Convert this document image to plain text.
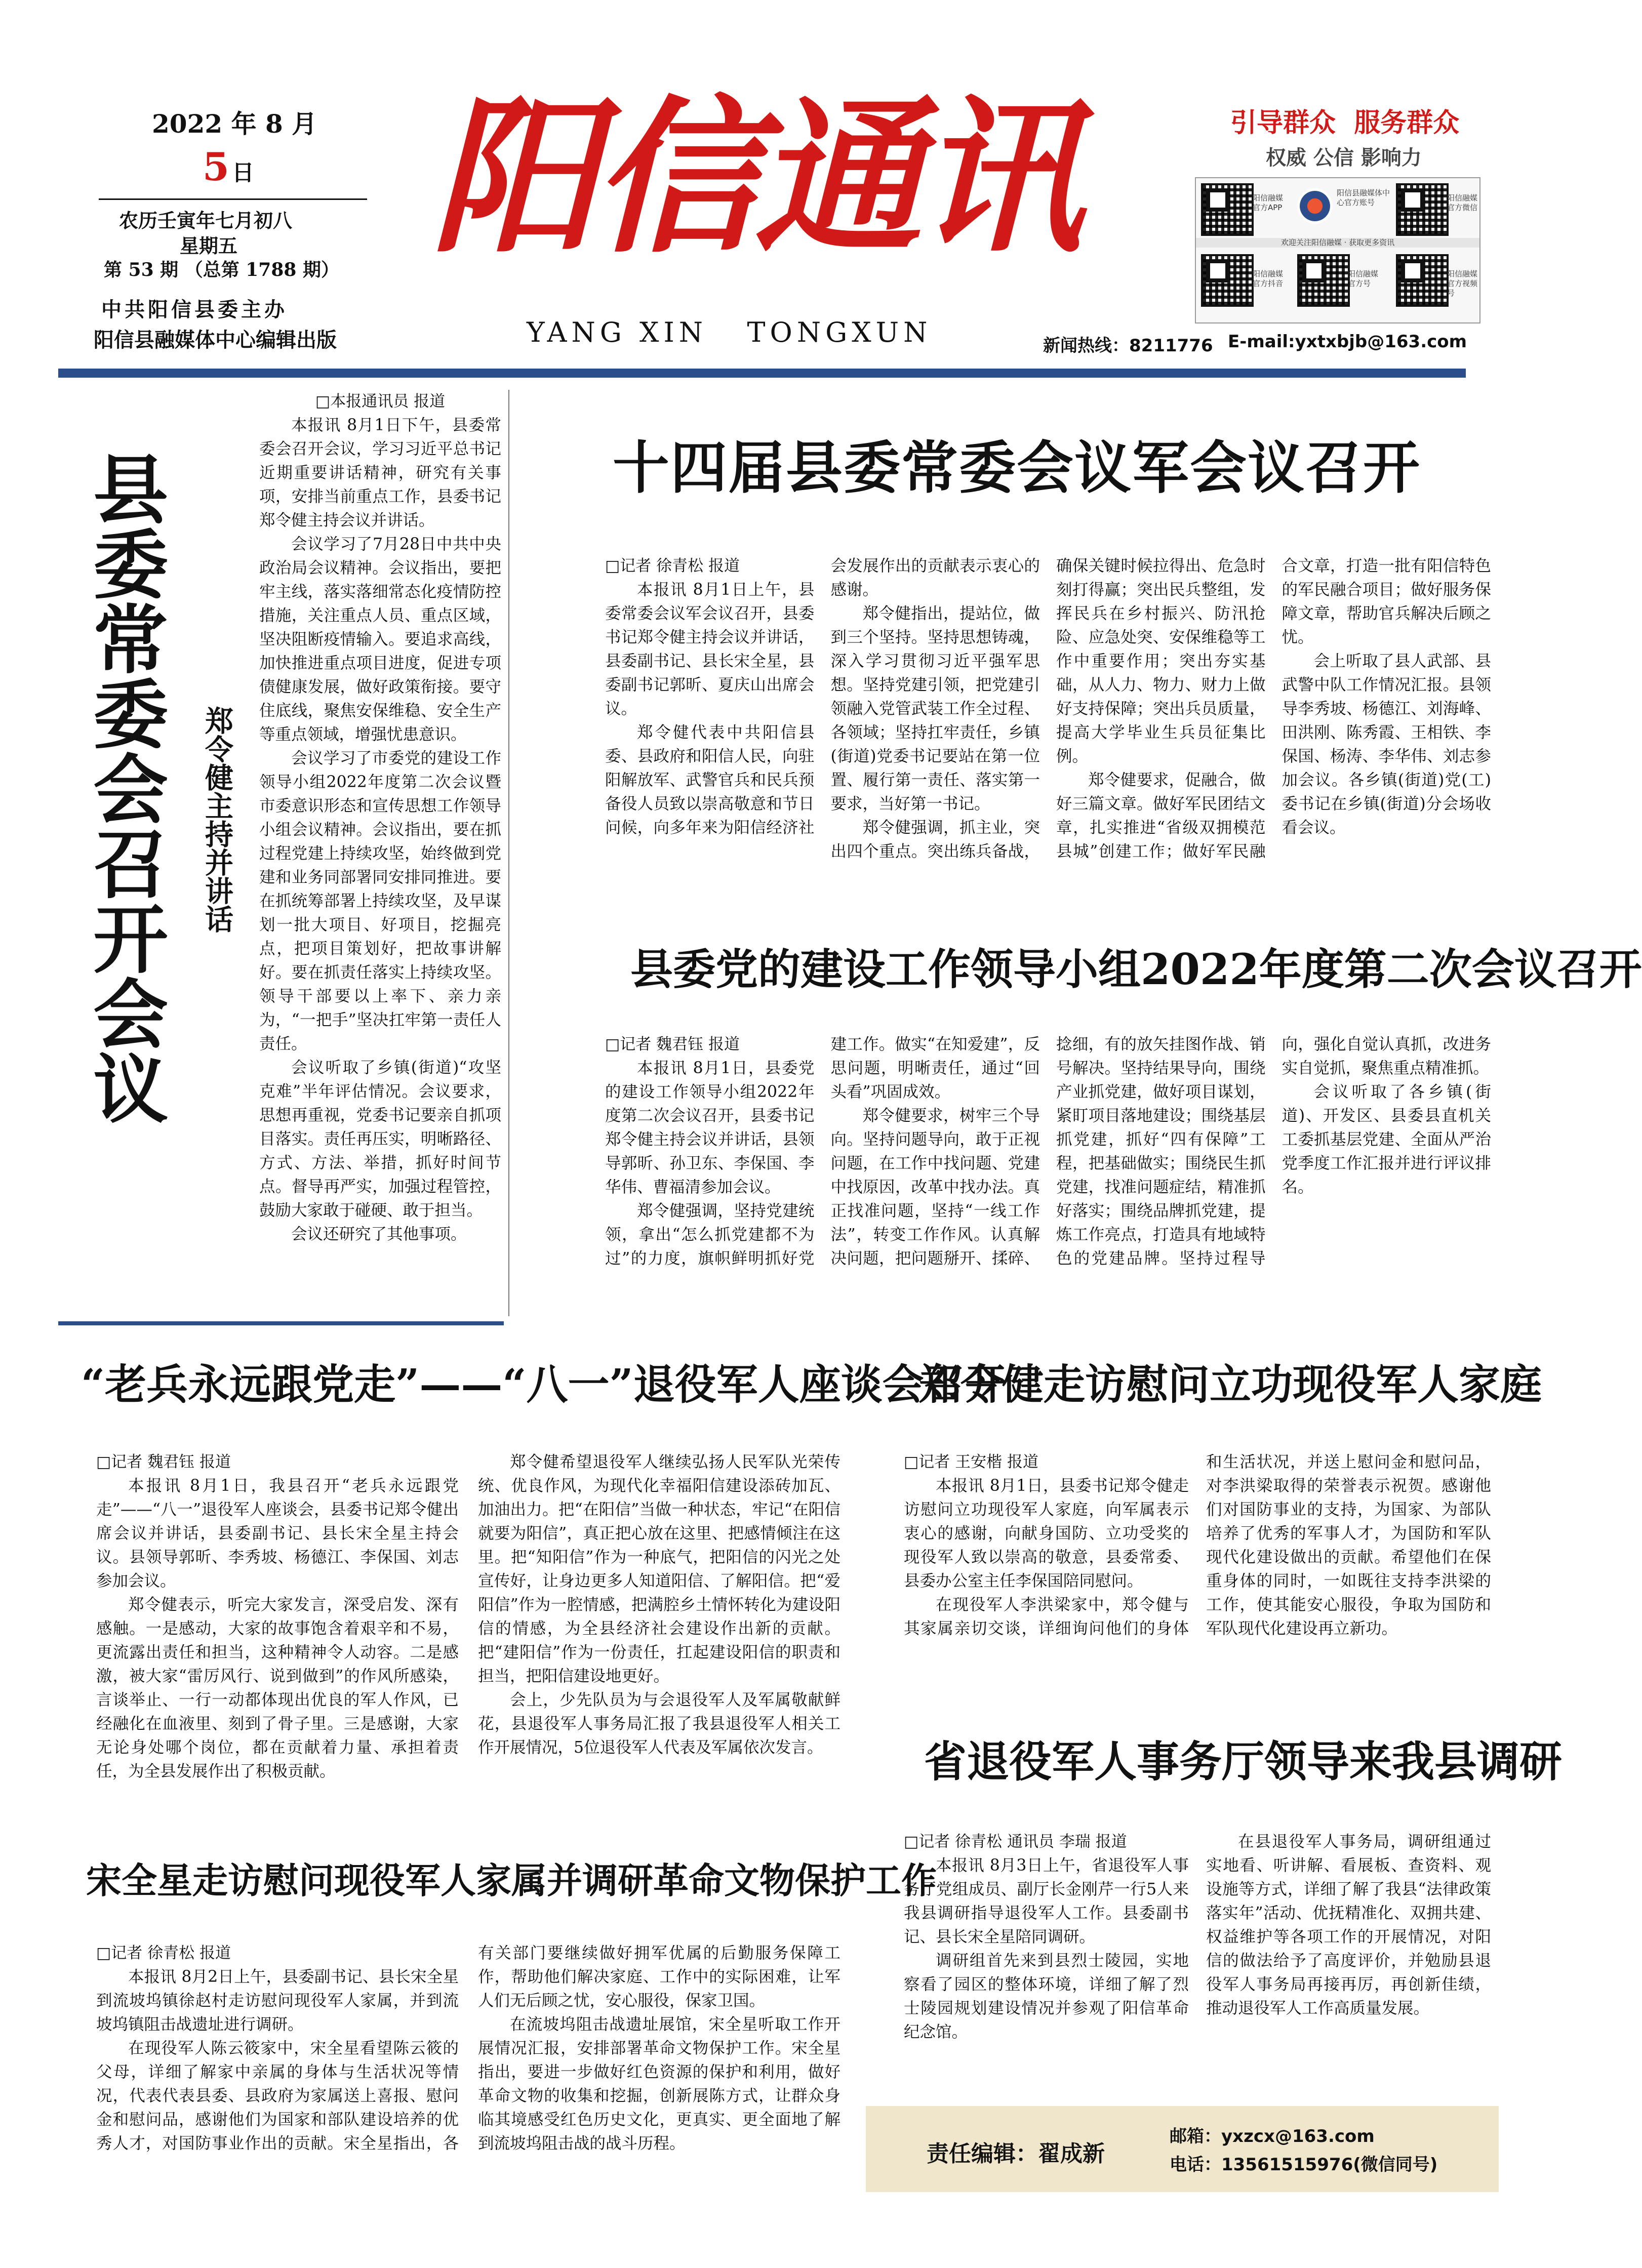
2022 年 8 月
5 日
农历壬寅年七月初八
星期五
第 53 期 （总第 1788 期）
中共阳信县委主办
阳信县融媒体中心编辑出版
阳信通讯
YANG XIN   TONGXUN
引导群众  服务群众
权威 公信 影响力
阳信融媒官方APP
阳信县融媒体中心官方账号	阳信融媒官方微信
欢迎关注阳信融媒 · 获取更多资讯
阳信融媒官方抖音
阳信融媒官方号
阳信融媒官方视频号
新闻热线：8211776 E-mail:yxtxbjb@163.com
县委常委会召开会议 郑令健主持并讲话
□本报通讯员 报道

本报讯 8月1日下午，县委常委会召开会议，学习习近平总书记近期重要讲话精神，研究有关事项，安排当前重点工作，县委书记郑令健主持会议并讲话。

会议学习了7月28日中共中央政治局会议精神。会议指出，要把牢主线，落实落细常态化疫情防控措施，关注重点人员、重点区域，坚决阻断疫情输入。要追求高线，加快推进重点项目进度，促进专项债健康发展，做好政策衔接。要守住底线，聚焦安保维稳、安全生产等重点领域，增强忧患意识。

会议学习了市委党的建设工作领导小组2022年度第二次会议暨市委意识形态和宣传思想工作领导小组会议精神。会议指出，要在抓过程党建上持续攻坚，始终做到党建和业务同部署同安排同推进。要在抓统筹部署上持续攻坚，及早谋划一批大项目、好项目，挖掘亮点，把项目策划好，把故事讲解好。要在抓责任落实上持续攻坚。领导干部要以上率下、亲力亲为，“一把手”坚决扛牢第一责任人责任。

会议听取了乡镇(街道)“攻坚克难”半年评估情况。会议要求，思想再重视，党委书记要亲自抓项目落实。责任再压实，明晰路径、方式、方法、举措，抓好时间节点。督导再严实，加强过程管控，鼓励大家敢于碰硬、敢于担当。

会议还研究了其他事项。

十四届县委常委会议军会议召开
□记者 徐青松 报道

本报讯 8月1日上午，县委常委会议军会议召开，县委书记郑令健主持会议并讲话，县委副书记、县长宋全星，县委副书记郭昕、夏庆山出席会议。

郑令健代表中共阳信县委、县政府和阳信人民，向驻阳解放军、武警官兵和民兵预备役人员致以崇高敬意和节日问候，向多年来为阳信经济社会发展作出的贡献表示衷心的感谢。

郑令健指出，提站位，做到三个坚持。坚持思想铸魂，深入学习贯彻习近平强军思想。坚持党建引领，把党建引领融入党管武装工作全过程、各领域；坚持扛牢责任，乡镇(街道)党委书记要站在第一位置、履行第一责任、落实第一要求，当好第一书记。

郑令健强调，抓主业，突出四个重点。突出练兵备战，确保关键时候拉得出、危急时刻打得赢；突出民兵整组，发挥民兵在乡村振兴、防汛抢险、应急处突、安保维稳等工作中重要作用；突出夯实基础，从人力、物力、财力上做好支持保障；突出兵员质量，提高大学毕业生兵员征集比例。

郑令健要求，促融合，做好三篇文章。做好军民团结文章，扎实推进“省级双拥模范县城”创建工作；做好军民融合文章，打造一批有阳信特色的军民融合项目；做好服务保障文章，帮助官兵解决后顾之忧。

会上听取了县人武部、县武警中队工作情况汇报。县领导李秀坡、杨德江、刘海峰、田洪刚、陈秀霞、王相铁、李保国、杨涛、李华伟、刘志参加会议。各乡镇(街道)党(工)委书记在乡镇(街道)分会场收看会议。

县委党的建设工作领导小组2022年度第二次会议召开
□记者 魏君钰 报道

本报讯 8月1日，县委党的建设工作领导小组2022年度第二次会议召开，县委书记郑令健主持会议并讲话，县领导郭昕、孙卫东、李保国、李华伟、曹福清参加会议。

郑令健强调，坚持党建统领，拿出“怎么抓党建都不为过”的力度，旗帜鲜明抓好党建工作。做实“在知爱建”，反思问题，明晰责任，通过“回头看”巩固成效。

郑令健要求，树牢三个导向。坚持问题导向，敢于正视问题，在工作中找问题、党建中找原因，改革中找办法。真正找准问题，坚持“一线工作法”，转变工作作风。认真解决问题，把问题掰开、揉碎、捻细，有的放矢挂图作战、销号解决。坚持结果导向，围绕产业抓党建，做好项目谋划，紧盯项目落地建设；围绕基层抓党建，抓好“四有保障”工程，把基础做实；围绕民生抓党建，找准问题症结，精准抓好落实；围绕品牌抓党建，提炼工作亮点，打造具有地域特色的党建品牌。坚持过程导向，强化自觉认真抓，改进务实自觉抓，聚焦重点精准抓。

会议听取了各乡镇(街道)、开发区、县委县直机关工委抓基层党建、全面从严治党季度工作汇报并进行评议排名。

“老兵永远跟党走”——“八一”退役军人座谈会召开
□记者 魏君钰 报道

本报讯 8月1日，我县召开“老兵永远跟党走”——“八一”退役军人座谈会，县委书记郑令健出席会议并讲话，县委副书记、县长宋全星主持会议。县领导郭昕、李秀坡、杨德江、李保国、刘志参加会议。

郑令健表示，听完大家发言，深受启发、深有感触。一是感动，大家的故事饱含着艰辛和不易，更流露出责任和担当，这种精神令人动容。二是感激，被大家“雷厉风行、说到做到”的作风所感染，言谈举止、一行一动都体现出优良的军人作风，已经融化在血液里、刻到了骨子里。三是感谢，大家无论身处哪个岗位，都在贡献着力量、承担着责任，为全县发展作出了积极贡献。

郑令健希望退役军人继续弘扬人民军队光荣传统、优良作风，为现代化幸福阳信建设添砖加瓦、加油出力。把“在阳信”当做一种状态，牢记“在阳信就要为阳信”，真正把心放在这里、把感情倾注在这里。把“知阳信”作为一种底气，把阳信的闪光之处宣传好，让身边更多人知道阳信、了解阳信。把“爱阳信”作为一腔情感，把满腔乡土情怀转化为建设阳信的情感，为全县经济社会建设作出新的贡献。把“建阳信”作为一份责任，扛起建设阳信的职责和担当，把阳信建设地更好。

会上，少先队员为与会退役军人及军属敬献鲜花，县退役军人事务局汇报了我县退役军人相关工作开展情况，5位退役军人代表及军属依次发言。

宋全星走访慰问现役军人家属并调研革命文物保护工作
□记者 徐青松 报道

本报讯 8月2日上午，县委副书记、县长宋全星到流坡坞镇徐赵村走访慰问现役军人家属，并到流坡坞镇阻击战遗址进行调研。

在现役军人陈云筱家中，宋全星看望陈云筱的父母，详细了解家中亲属的身体与生活状况等情况，代表代表县委、县政府为家属送上喜报、慰问金和慰问品，感谢他们为国家和部队建设培养的优秀人才，对国防事业作出的贡献。宋全星指出，各有关部门要继续做好拥军优属的后勤服务保障工作，帮助他们解决家庭、工作中的实际困难，让军人们无后顾之忧，安心服役，保家卫国。

在流坡坞阻击战遗址展馆，宋全星听取工作开展情况汇报，安排部署革命文物保护工作。宋全星指出，要进一步做好红色资源的保护和利用，做好革命文物的收集和挖掘，创新展陈方式，让群众身临其境感受红色历史文化，更真实、更全面地了解到流坡坞阻击战的战斗历程。

郑令健走访慰问立功现役军人家庭
□记者 王安楷 报道

本报讯 8月1日，县委书记郑令健走访慰问立功现役军人家庭，向军属表示衷心的感谢，向献身国防、立功受奖的现役军人致以崇高的敬意，县委常委、县委办公室主任李保国陪同慰问。

在现役军人李洪梁家中，郑令健与其家属亲切交谈，详细询问他们的身体和生活状况，并送上慰问金和慰问品，对李洪梁取得的荣誉表示祝贺。感谢他们对国防事业的支持，为国家、为部队培养了优秀的军事人才，为国防和军队现代化建设做出的贡献。希望他们在保重身体的同时，一如既往支持李洪梁的工作，使其能安心服役，争取为国防和军队现代化建设再立新功。

省退役军人事务厅领导来我县调研
□记者 徐青松 通讯员 李瑞 报道

本报讯 8月3日上午，省退役军人事务厅党组成员、副厅长金刚芹一行5人来我县调研指导退役军人工作。县委副书记、县长宋全星陪同调研。

调研组首先来到县烈士陵园，实地察看了园区的整体环境，详细了解了烈士陵园规划建设情况并参观了阳信革命纪念馆。

在县退役军人事务局，调研组通过实地看、听讲解、看展板、查资料、观设施等方式，详细了解了我县“法律政策落实年”活动、优抚精准化、双拥共建、权益维护等各项工作的开展情况，对阳信的做法给予了高度评价，并勉励县退役军人事务局再接再厉，再创新佳绩，推动退役军人工作高质量发展。

责任编辑：翟成新
邮箱：yxzcx@163.com
电话：13561515976(微信同号)
